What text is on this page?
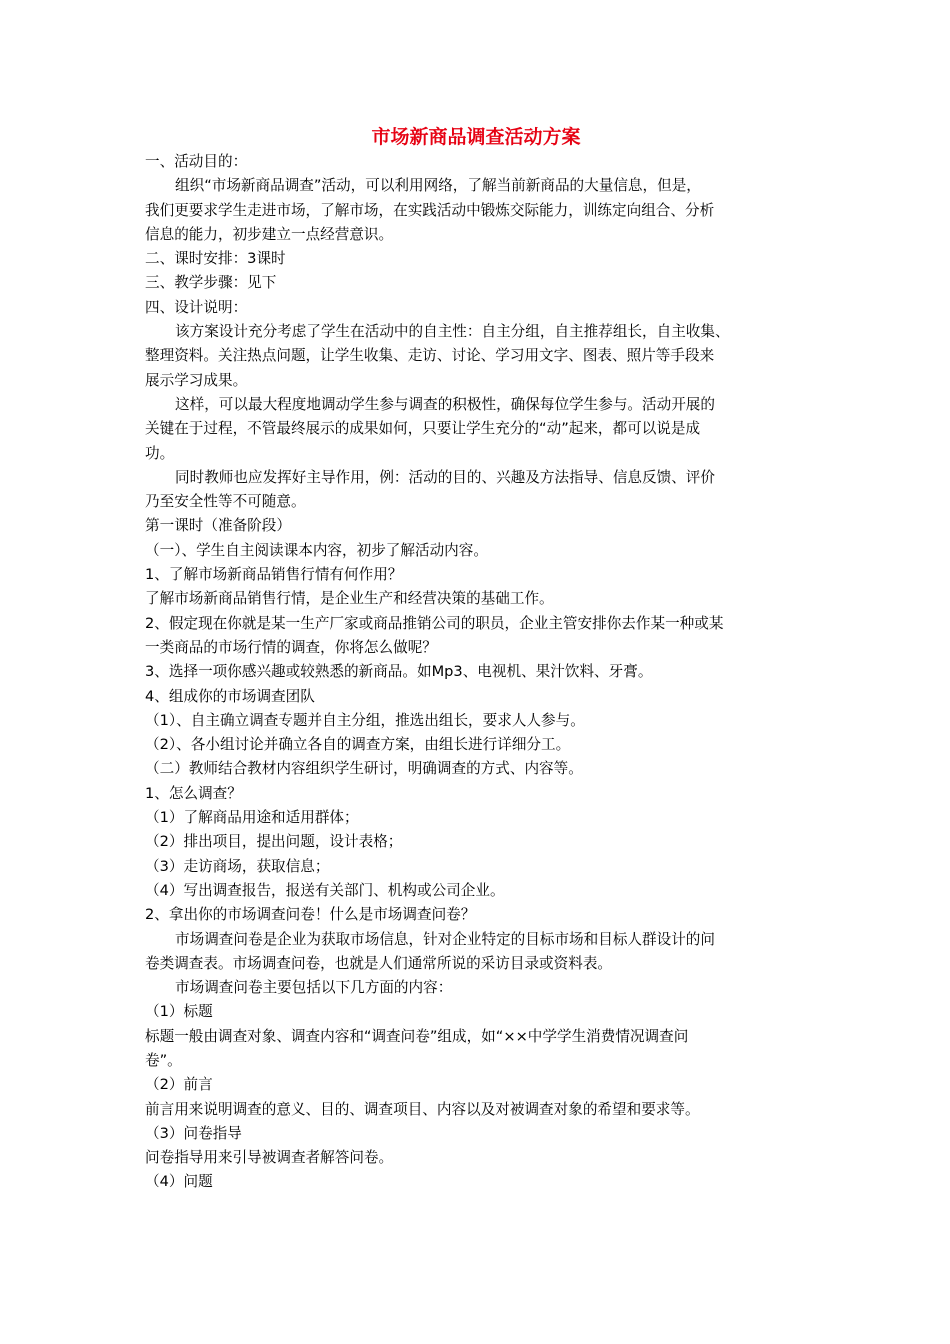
市场新商品调查活动方案
一、活动目的：
组织“市场新商品调查”活动，可以利用网络，了解当前新商品的大量信息，但是，
我们更要求学生走进市场，了解市场，在实践活动中锻炼交际能力，训练定向组合、分析
信息的能力，初步建立一点经营意识。
二、课时安排：3课时
三、教学步骤：见下
四、设计说明：
该方案设计充分考虑了学生在活动中的自主性：自主分组，自主推荐组长，自主收集、
整理资料。关注热点问题，让学生收集、走访、讨论、学习用文字、图表、照片等手段来
展示学习成果。
这样，可以最大程度地调动学生参与调查的积极性，确保每位学生参与。活动开展的
关键在于过程，不管最终展示的成果如何，只要让学生充分的“动”起来，都可以说是成
功。
同时教师也应发挥好主导作用，例：活动的目的、兴趣及方法指导、信息反馈、评价
乃至安全性等不可随意。
第一课时（准备阶段）
（一）、学生自主阅读课本内容，初步了解活动内容。
1、了解市场新商品销售行情有何作用？
了解市场新商品销售行情，是企业生产和经营决策的基础工作。
2、假定现在你就是某一生产厂家或商品推销公司的职员，企业主管安排你去作某一种或某
一类商品的市场行情的调查，你将怎么做呢？
3、选择一项你感兴趣或较熟悉的新商品。如Mp3、电视机、果汁饮料、牙膏。
4、组成你的市场调查团队
（1）、自主确立调查专题并自主分组，推选出组长，要求人人参与。
（2）、各小组讨论并确立各自的调查方案，由组长进行详细分工。
（二）教师结合教材内容组织学生研讨，明确调查的方式、内容等。
1、怎么调查？
（1）了解商品用途和适用群体；
（2）排出项目，提出问题，设计表格；
（3）走访商场，获取信息；
（4）写出调查报告，报送有关部门、机构或公司企业。
2、拿出你的市场调查问卷！什么是市场调查问卷？
市场调查问卷是企业为获取市场信息，针对企业特定的目标市场和目标人群设计的问
卷类调查表。市场调查问卷，也就是人们通常所说的采访目录或资料表。
市场调查问卷主要包括以下几方面的内容：
（1）标题
标题一般由调查对象、调查内容和“调查问卷”组成，如“××中学学生消费情况调查问
卷”。
（2）前言
前言用来说明调查的意义、目的、调查项目、内容以及对被调查对象的希望和要求等。
（3）问卷指导
问卷指导用来引导被调查者解答问卷。
（4）问题
